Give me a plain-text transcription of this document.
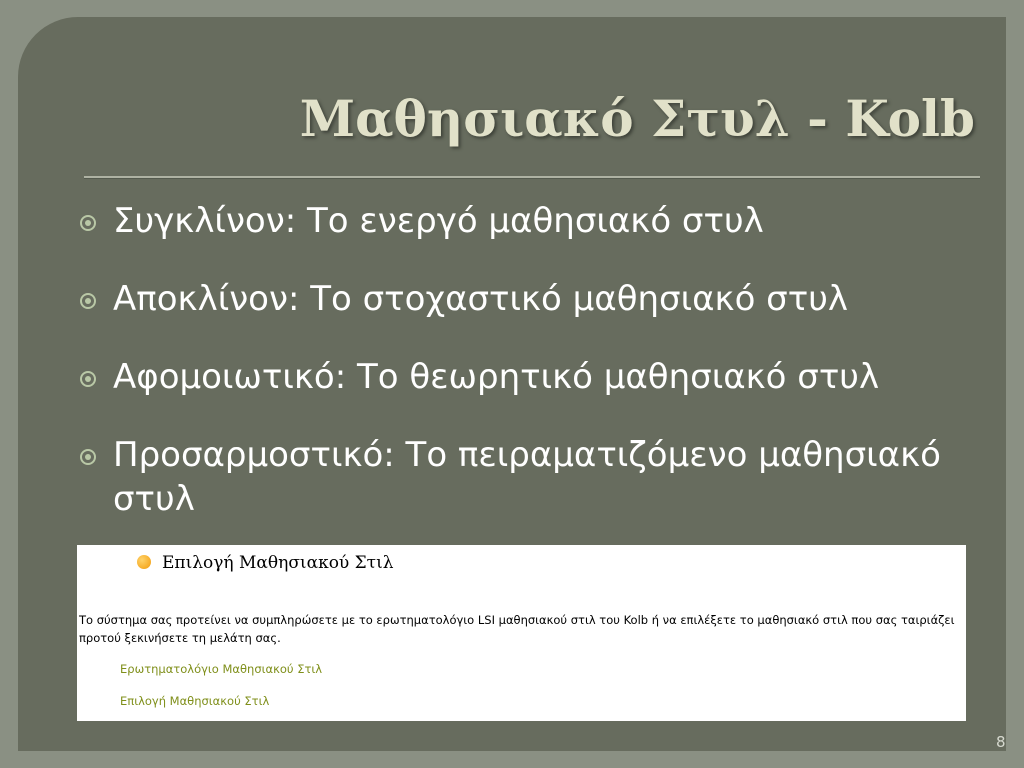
Μαθησιακό Στυλ - Kolb
Συγκλίνον: Το ενεργό μαθησιακό στυλ
Αποκλίνον: Το στοχαστικό μαθησιακό στυλ
Αφομοιωτικό: Το θεωρητικό μαθησιακό στυλ
Προσαρμοστικό: Το πειραματιζόμενο μαθησιακό στυλ
Επιλογή Μαθησιακού Στιλ
Το σύστημα σας προτείνει να συμπληρώσετε με το ερωτηματολόγιο LSI μαθησιακού στιλ του Kolb ή να επιλέξετε το μαθησιακό στιλ που σας ταιριάζει προτού ξεκινήσετε τη μελάτη σας.
Ερωτηματολόγιο Μαθησιακού Στιλ
Επιλογή Μαθησιακού Στιλ
8
